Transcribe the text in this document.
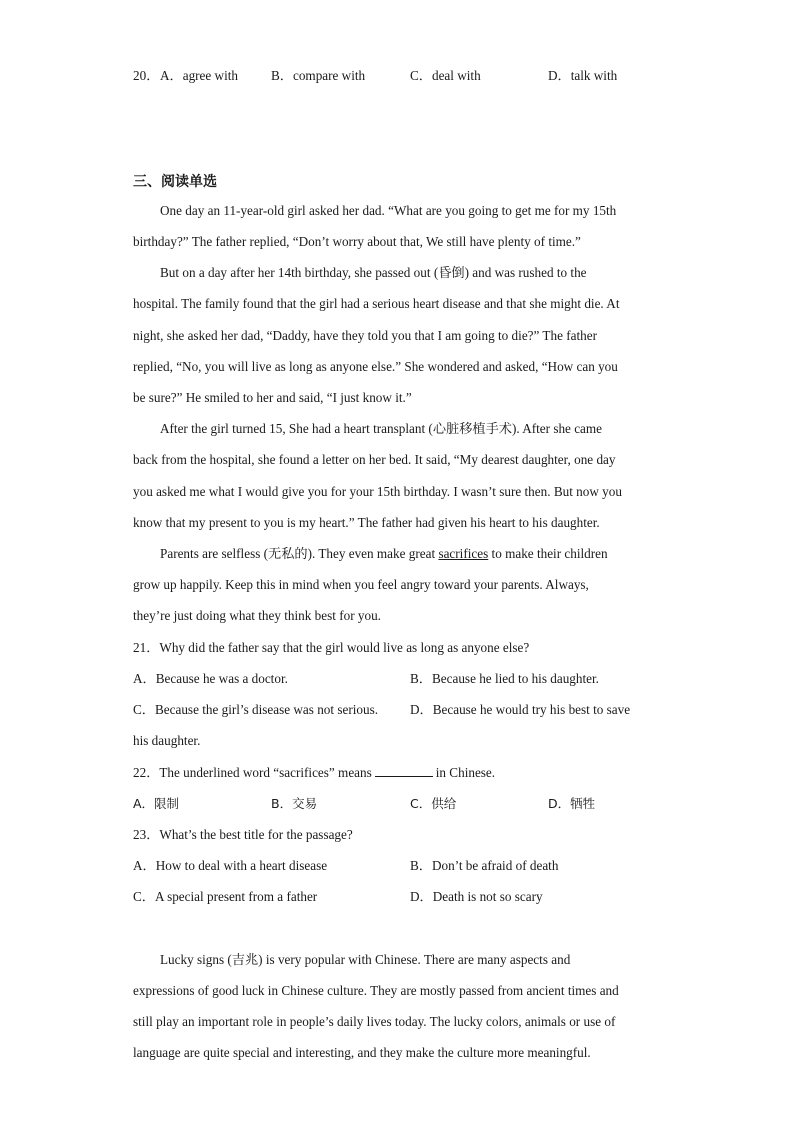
20． A．agree with	B．compare with	C．deal with	D．talk with
三、阅读单选
One day an 11-year-old girl asked her dad. “What are you going to get me for my 15th
birthday?” The father replied, “Don’t worry about that, We still have plenty of time.”
But on a day after her 14th birthday, she passed out (昏倒) and was rushed to the
hospital. The family found that the girl had a serious heart disease and that she might die. At
night, she asked her dad, “Daddy, have they told you that I am going to die?” The father
replied, “No, you will live as long as anyone else.” She wondered and asked, “How can you
be sure?” He smiled to her and said, “I just know it.”
After the girl turned 15, She had a heart transplant (心脏移植手术). After she came
back from the hospital, she found a letter on her bed. It said, “My dearest daughter, one day
you asked me what I would give you for your 15th birthday. I wasn’t sure then. But now you
know that my present to you is my heart.” The father had given his heart to his daughter.
Parents are selfless (无私的). They even make great sacrifices to make their children
grow up happily. Keep this in mind when you feel angry toward your parents. Always,
they’re just doing what they think best for you.
21．Why did the father say that the girl would live as long as anyone else?
A．Because he was a doctor.	B．Because he lied to his daughter.
C．Because the girl’s disease was not serious. D．Because he would try his best to save
his daughter.
22．The underlined word “sacrifices” means	in Chinese.
A．限制	B．交易	C．供给	D．牺牲
23．What’s the best title for the passage?
A．How to deal with a heart disease	B．Don’t be afraid of death
C．A special present from a father	D．Death is not so scary
Lucky signs (吉兆) is very popular with Chinese. There are many aspects and
expressions of good luck in Chinese culture. They are mostly passed from ancient times and
still play an important role in people’s daily lives today. The lucky colors, animals or use of
language are quite special and interesting, and they make the culture more meaningful.
